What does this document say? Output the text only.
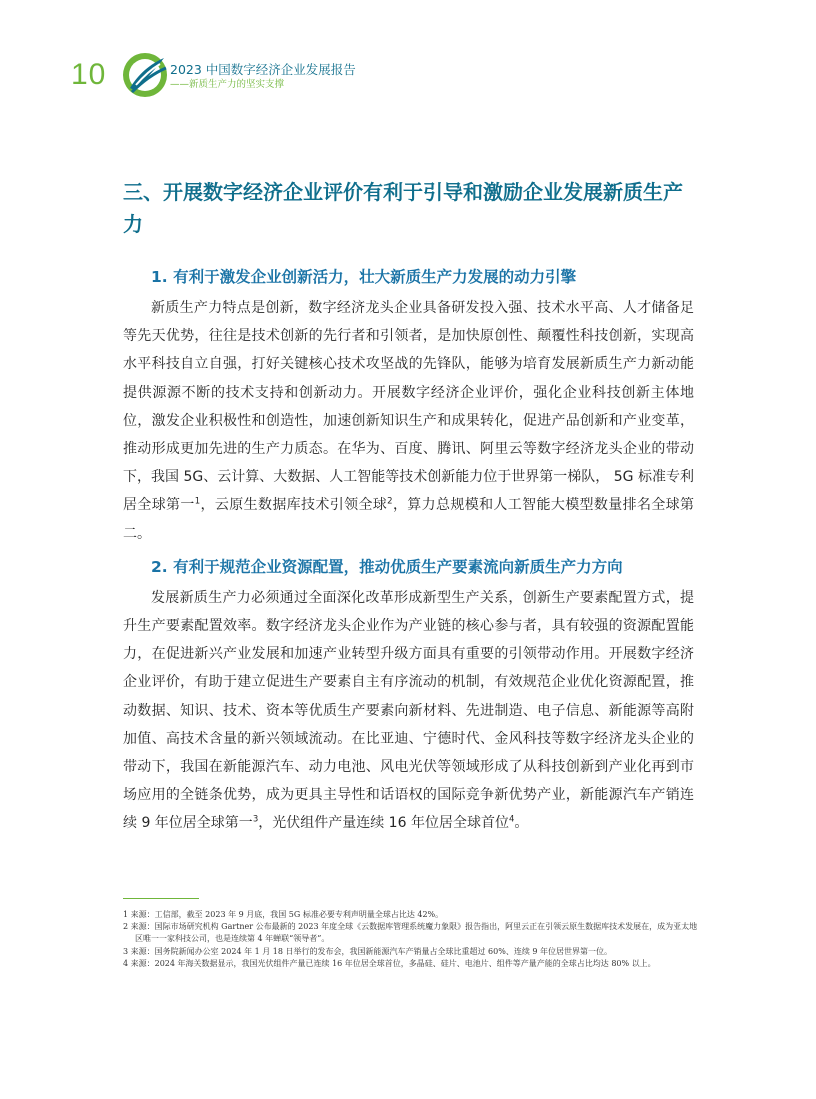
10	2023 中国数字经济企业发展报告
——新质生产力的坚实支撑
三、开展数字经济企业评价有利于引导和激励企业发展新质生产力
1. 有利于激发企业创新活力，壮大新质生产力发展的动力引擎

新质生产力特点是创新，数字经济龙头企业具备研发投入强、技术水平高、人才储备足等先天优势，往往是技术创新的先行者和引领者，是加快原创性、颠覆性科技创新，实现高水平科技自立自强，打好关键核心技术攻坚战的先锋队，能够为培育发展新质生产力新动能提供源源不断的技术支持和创新动力。开展数字经济企业评价，强化企业科技创新主体地位，激发企业积极性和创造性，加速创新知识生产和成果转化，促进产品创新和产业变革，推动形成更加先进的生产力质态。在华为、百度、腾讯、阿里云等数字经济龙头企业的带动下，我国 5G、云计算、大数据、人工智能等技术创新能力位于世界第一梯队， 5G 标准专利居全球第一$^1$，云原生数据库技术引领全球$^2$，算力总规模和人工智能大模型数量排名全球第二。

2. 有利于规范企业资源配置，推动优质生产要素流向新质生产力方向

发展新质生产力必须通过全面深化改革形成新型生产关系，创新生产要素配置方式，提升生产要素配置效率。数字经济龙头企业作为产业链的核心参与者，具有较强的资源配置能力，在促进新兴产业发展和加速产业转型升级方面具有重要的引领带动作用。开展数字经济企业评价，有助于建立促进生产要素自主有序流动的机制，有效规范企业优化资源配置，推动数据、知识、技术、资本等优质生产要素向新材料、先进制造、电子信息、新能源等高附加值、高技术含量的新兴领域流动。在比亚迪、宁德时代、金风科技等数字经济龙头企业的带动下，我国在新能源汽车、动力电池、风电光伏等领域形成了从科技创新到产业化再到市场应用的全链条优势，成为更具主导性和话语权的国际竞争新优势产业，新能源汽车产销连续 9 年位居全球第一$^3$，光伏组件产量连续 16 年位居全球首位$^4$。

1 来源：工信部，截至 2023 年 9 月底，我国 5G 标准必要专利声明量全球占比达 42%。
2 来源：国际市场研究机构 Gartner 公布最新的 2023 年度全球《云数据库管理系统魔力象限》报告指出，阿里云正在引领云原生数据库技术发展在，成为亚太地区唯一一家科技公司，也是连续第 4 年蝉联“领导者”。
3 来源：国务院新闻办公室 2024 年 1 月 18 日举行的发布会，我国新能源汽车产销量占全球比重超过 60%、连续 9 年位居世界第一位。
4 来源：2024 年海关数据显示，我国光伏组件产量已连续 16 年位居全球首位，多晶硅、硅片、电池片、组件等产量产能的全球占比均达 80% 以上。
